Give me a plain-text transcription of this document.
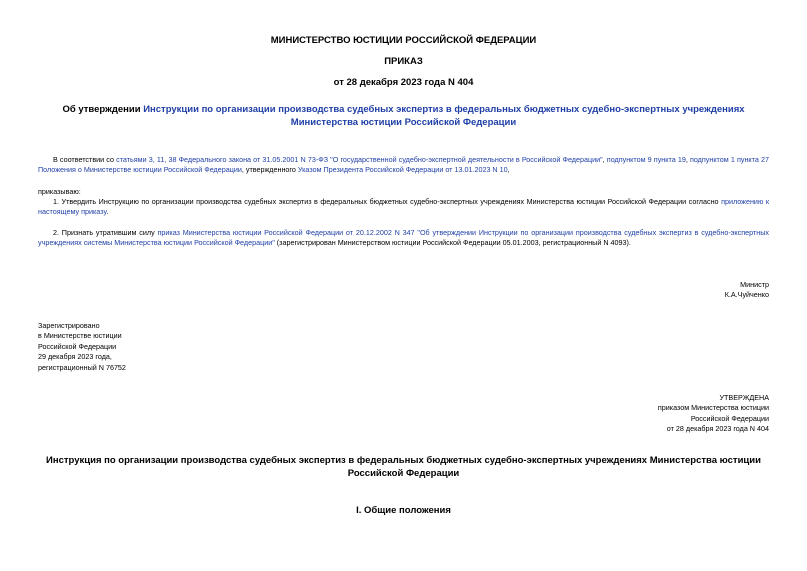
МИНИСТЕРСТВО ЮСТИЦИИ РОССИЙСКОЙ ФЕДЕРАЦИИ
ПРИКАЗ
от 28 декабря 2023 года N 404
Об утверждении Инструкции по организации производства судебных экспертиз в федеральных бюджетных судебно-экспертных учреждениях Министерства юстиции Российской Федерации
В соответствии со статьями 3, 11, 38 Федерального закона от 31.05.2001 N 73-ФЗ "О государственной судебно-экспертной деятельности в Российской Федерации", подпунктом 9 пункта 19, подпунктом 1 пункта 27 Положения о Министерстве юстиции Российской Федерации, утвержденного Указом Президента Российской Федерации от 13.01.2023 N 10,
приказываю:
1. Утвердить Инструкцию по организации производства судебных экспертиз в федеральных бюджетных судебно-экспертных учреждениях Министерства юстиции Российской Федерации согласно приложению к настоящему приказу.
2. Признать утратившим силу приказ Министерства юстиции Российской Федерации от 20.12.2002 N 347 "Об утверждении Инструкции по организации производства судебных экспертиз в судебно-экспертных учреждениях системы Министерства юстиции Российской Федерации" (зарегистрирован Министерством юстиции Российской Федерации 05.01.2003, регистрационный N 4093).
Министр
К.А.Чуйченко
Зарегистрировано
в Министерстве юстиции
Российской Федерации
29 декабря 2023 года,
регистрационный N 76752
УТВЕРЖДЕНА
приказом Министерства юстиции
Российской Федерации
от 28 декабря 2023 года N 404
Инструкция по организации производства судебных экспертиз в федеральных бюджетных судебно-экспертных учреждениях Министерства юстиции Российской Федерации
I. Общие положения
